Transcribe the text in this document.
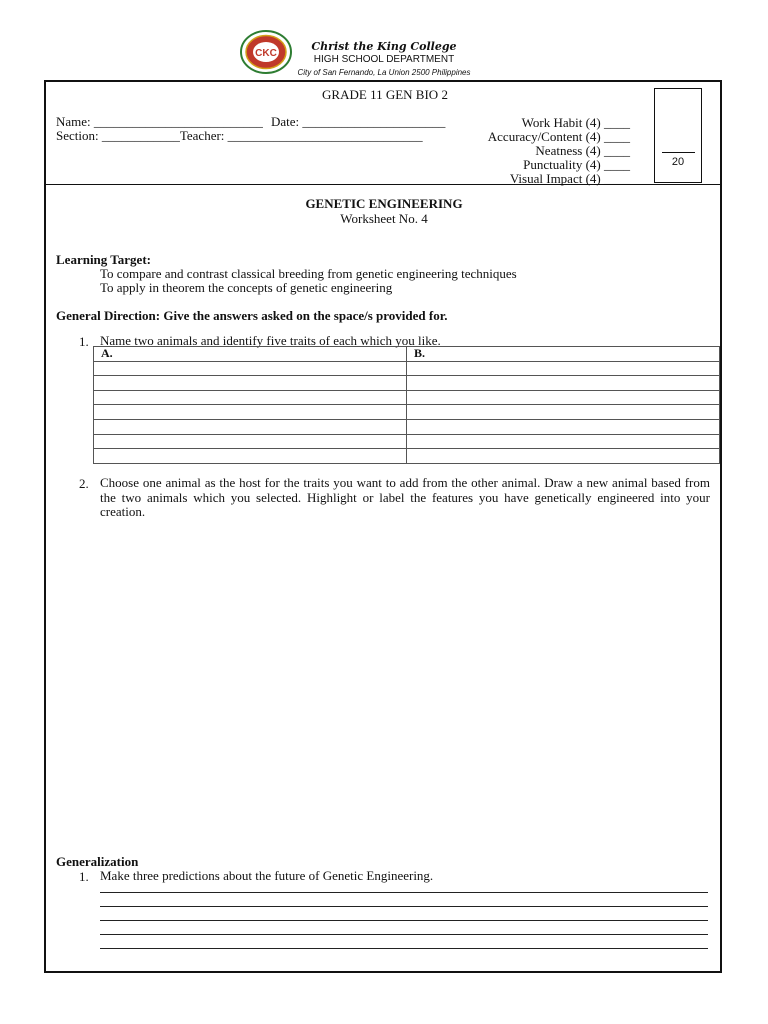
CKC
Christ the King College
HIGH SCHOOL DEPARTMENT
City of San Fernando, La Union 2500 Philippines
GRADE 11 GEN BIO 2
Name: __________________________ Date: ______________________
Section: ____________Teacher: ______________________________
Work Habit (4) ____
Accuracy/Content (4) ____
Neatness (4) ____
Punctuality (4) ____
Visual Impact (4) ____
20
GENETIC ENGINEERING
Worksheet No. 4
Learning Target:
To compare and contrast classical breeding from genetic engineering techniques
To apply in theorem the concepts of genetic engineering
General Direction: Give the answers asked on the space/s provided for.
1. Name two animals and identify five traits of each which you like.
A.	B.

2. Choose one animal as the host for the traits you want to add from the other animal. Draw a new animal based from the two animals which you selected. Highlight or label the features you have genetically engineered into your creation.
Generalization
1. Make three predictions about the future of Genetic Engineering.
